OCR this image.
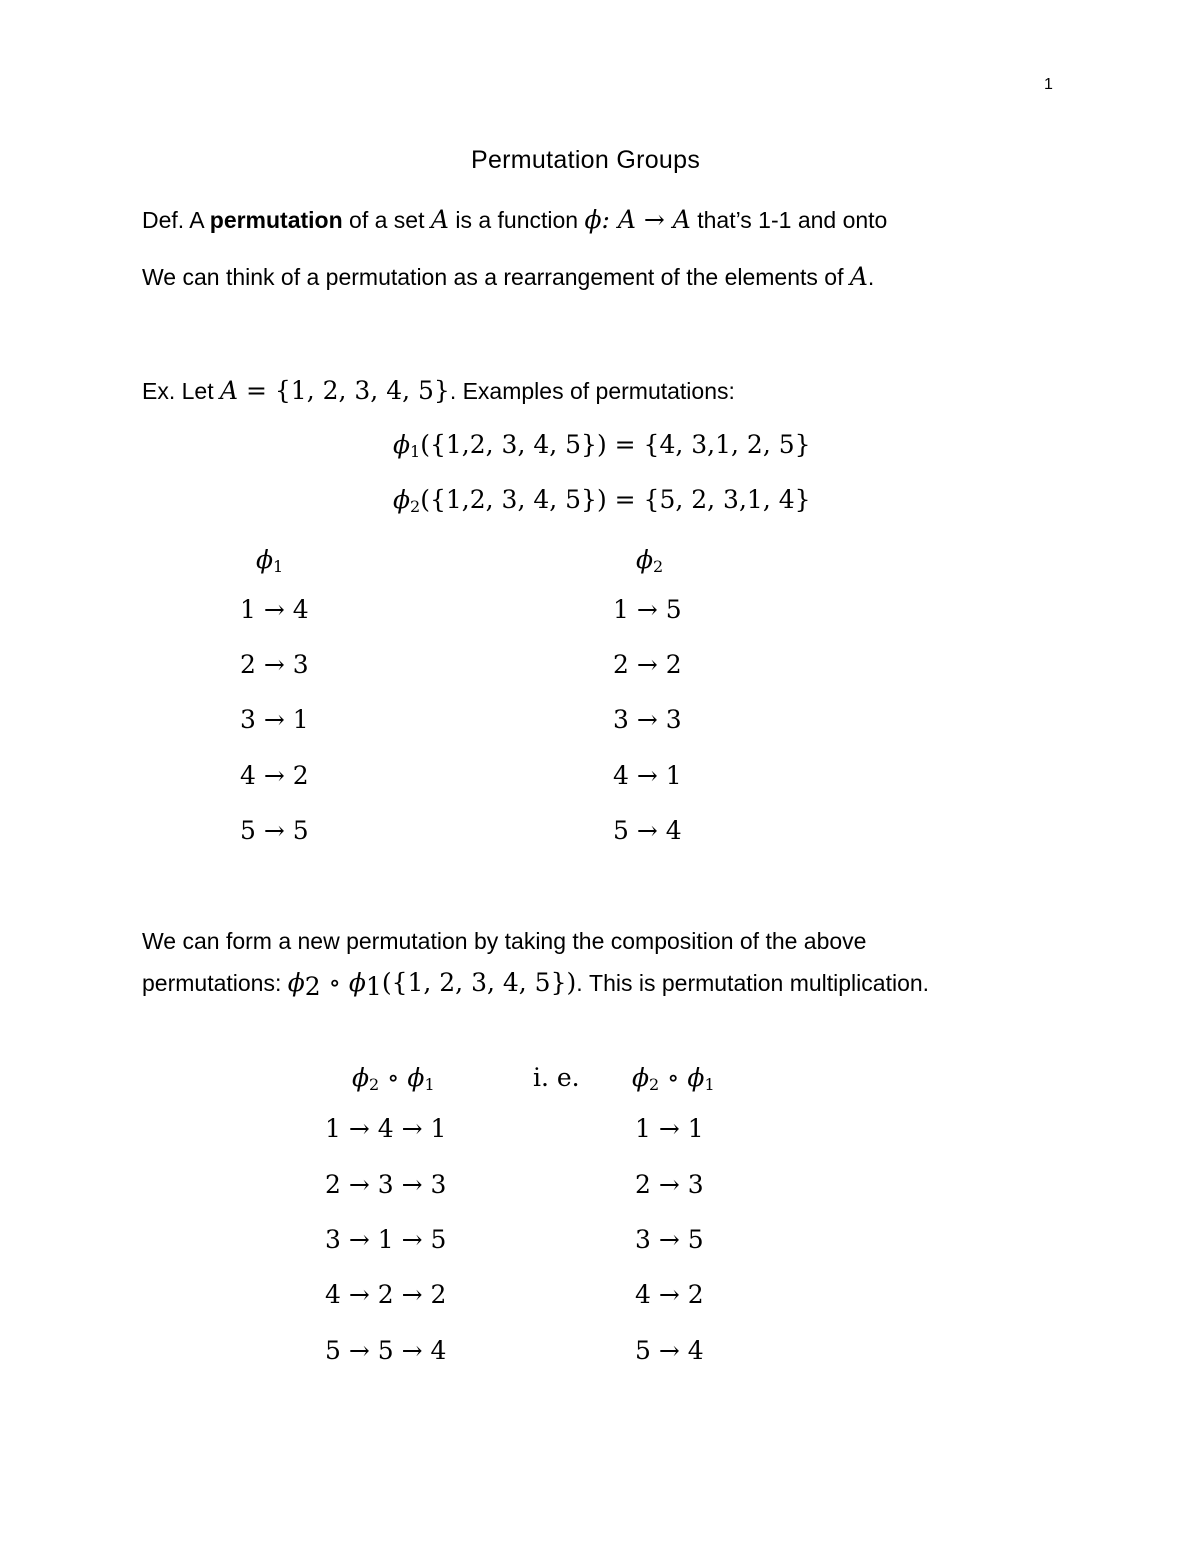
1
Permutation Groups
Def. A permutation of a set A is a function ϕ: A → A that’s 1-1 and onto
We can think of a permutation as a rearrangement of the elements of A.
Ex. Let A = {1, 2, 3, 4, 5}. Examples of permutations:
$\phi_1(\{1,2$, 3, 4, 5}) = {4, 3,1, 2, 5}
$\phi_2(\{1,2$, 3, 4, 5}) = {5, 2, 3,1, 4}
$\phi_1$	$\phi_2$
1 → 4
2 → 3
3 → 1
4 → 2
5 → 5
1 → 5
2 → 2
3 → 3
4 → 1
5 → 4
We can form a new permutation by taking the composition of the above
permutations: $\phi_2$ ∘ $\phi_1(\{1$, 2, 3, 4, 5}). This is permutation multiplication.
$\phi_2$ ∘ $\phi_1$	i. e. $\phi_2$ ∘ $\phi_1$
1 → 4 → 1
2 → 3 → 3
3 → 1 → 5
4 → 2 → 2
5 → 5 → 4
1 → 1
2 → 3
3 → 5
4 → 2
5 → 4
